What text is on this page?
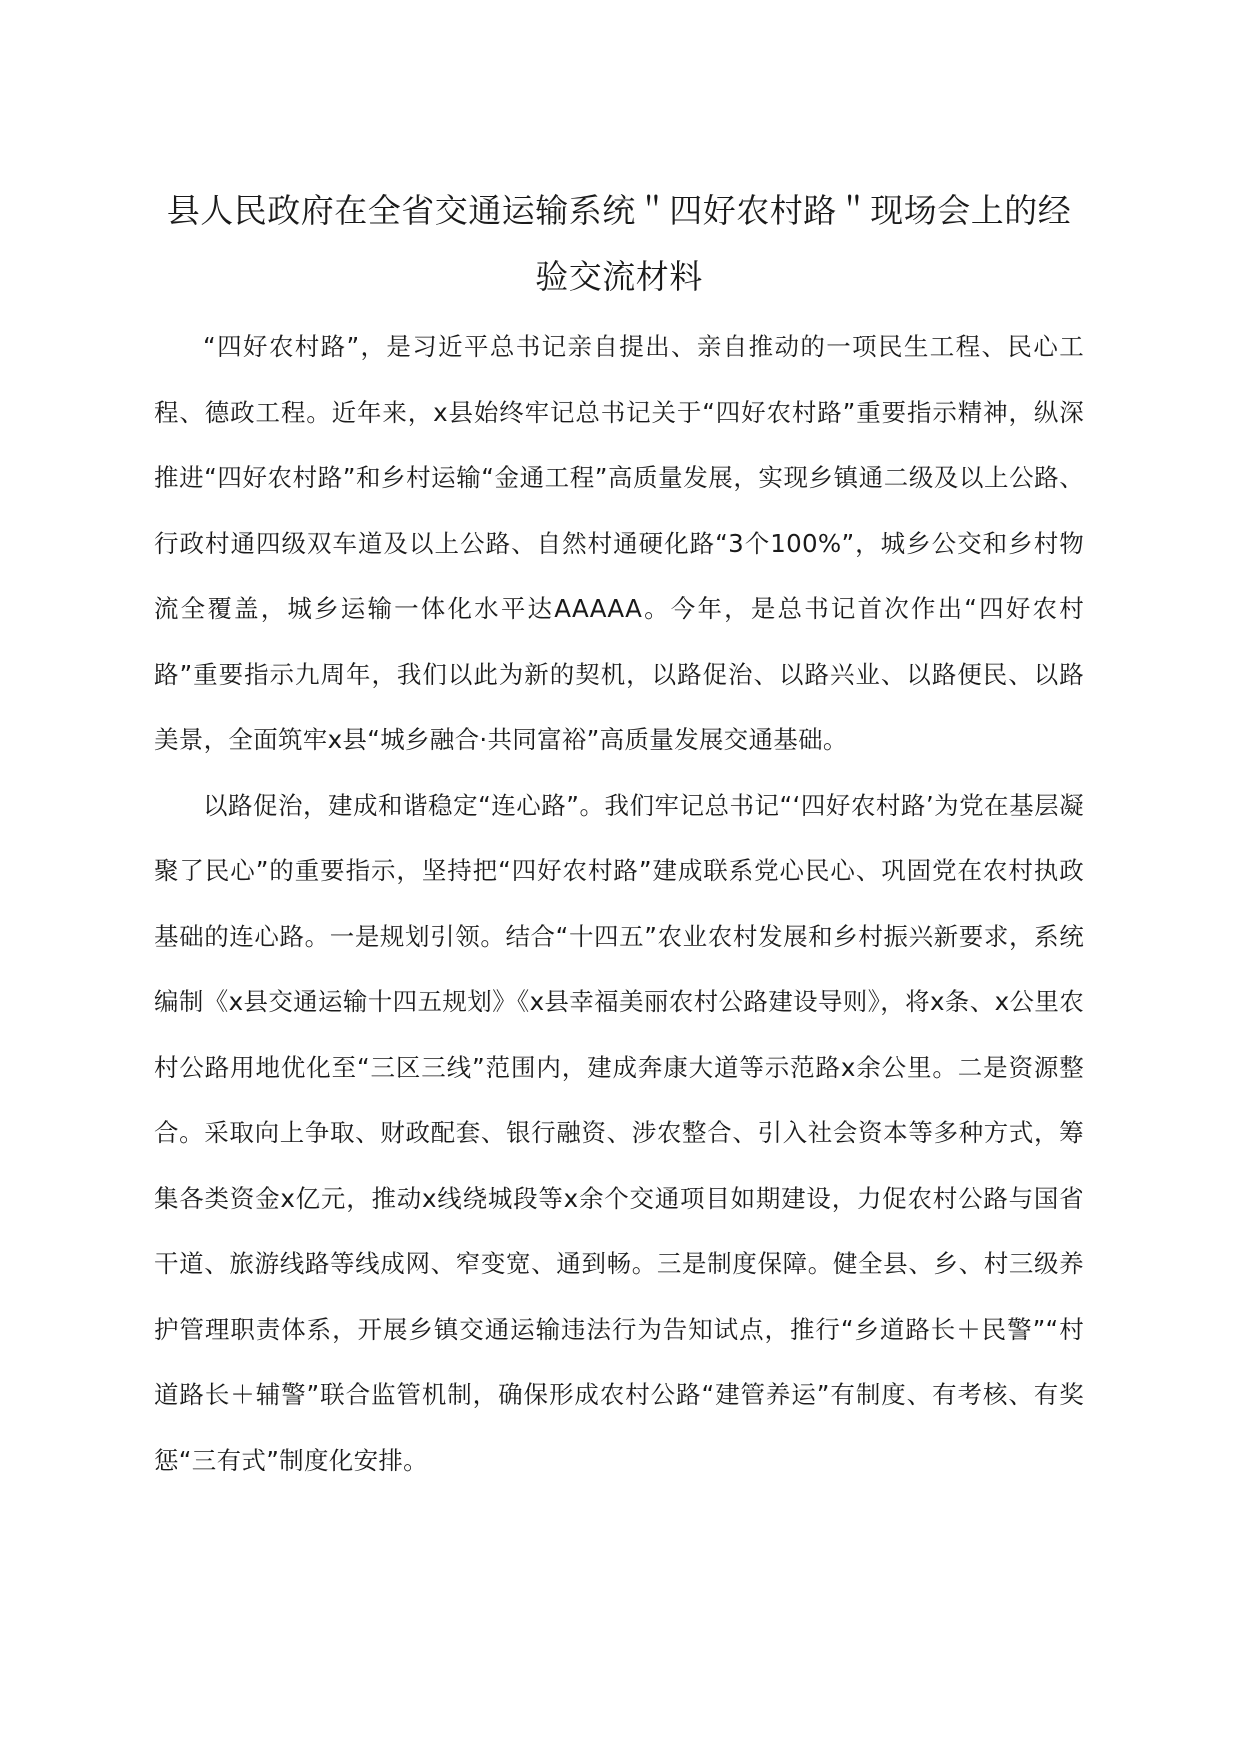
县人民政府在全省交通运输系统＂四好农村路＂现场会上的经验交流材料

“四好农村路”，是习近平总书记亲自提出、亲自推动的一项民生工程、民心工程、德政工程。近年来，x县始终牢记总书记关于“四好农村路”重要指示精神，纵深推进“四好农村路”和乡村运输“金通工程”高质量发展，实现乡镇通二级及以上公路、行政村通四级双车道及以上公路、自然村通硬化路“3个100%”，城乡公交和乡村物流全覆盖，城乡运输一体化水平达AAAAA。今年，是总书记首次作出“四好农村路”重要指示九周年，我们以此为新的契机，以路促治、以路兴业、以路便民、以路美景，全面筑牢x县“城乡融合·共同富裕”高质量发展交通基础。

以路促治，建成和谐稳定“连心路”。我们牢记总书记“‘四好农村路’为党在基层凝聚了民心”的重要指示，坚持把“四好农村路”建成联系党心民心、巩固党在农村执政基础的连心路。一是规划引领。结合“十四五”农业农村发展和乡村振兴新要求，系统编制《x县交通运输十四五规划》《x县幸福美丽农村公路建设导则》，将x条、x公里农村公路用地优化至“三区三线”范围内，建成奔康大道等示范路x余公里。二是资源整合。采取向上争取、财政配套、银行融资、涉农整合、引入社会资本等多种方式，筹集各类资金x亿元，推动x线绕城段等x余个交通项目如期建设，力促农村公路与国省干道、旅游线路等线成网、窄变宽、通到畅。三是制度保障。健全县、乡、村三级养护管理职责体系，开展乡镇交通运输违法行为告知试点，推行“乡道路长＋民警”“村道路长＋辅警”联合监管机制，确保形成农村公路“建管养运”有制度、有考核、有奖惩“三有式”制度化安排。
